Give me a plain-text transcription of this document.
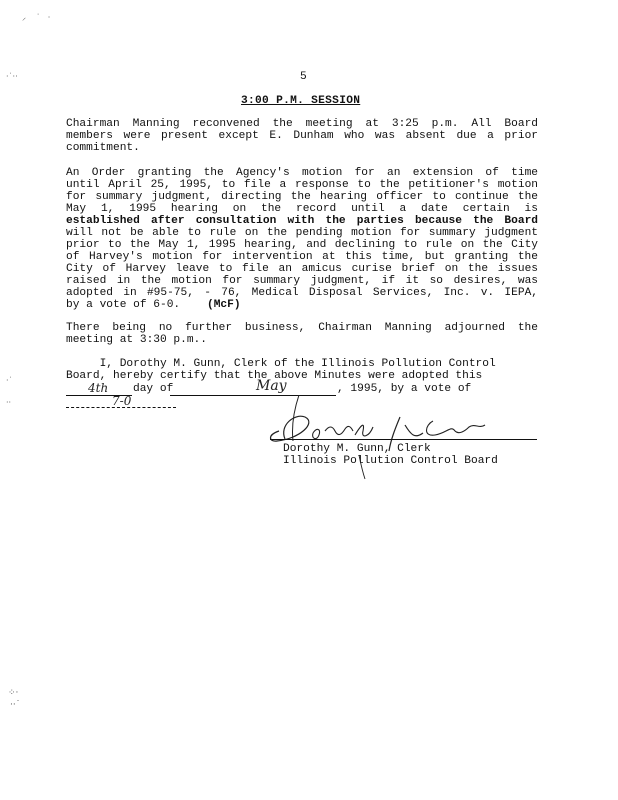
⸝    ˙   ·
·˙··
·˙
··
⁘·
··˙
5
3:00 P.M. SESSION
Chairman Manning reconvened the meeting at 3:25 p.m. All Board
members were present except E. Dunham who was absent due a prior
commitment.
An Order granting the Agency's motion for an extension of time
until April 25, 1995, to file a response to the petitioner's motion
for summary judgment, directing the hearing officer to continue the
May 1, 1995 hearing on the record until a date certain is
established after consultation with the parties because the Board
will not be able to rule on the pending motion for summary judgment
prior to the May 1, 1995 hearing, and declining to rule on the City
of Harvey's motion for intervention at this time, but granting the
City of Harvey leave to file an amicus curise brief on the issues
raised in the motion for summary judgment, if it so desires, was
adopted in #95-75, - 76, Medical Disposal Services, Inc. v. IEPA,
by a vote of 6-0. (McF)
There being no further business, Chairman Manning adjourned the
meeting at 3:30 p.m..
I, Dorothy M. Gunn, Clerk of the Illinois Pollution Control
Board, hereby certify that the above Minutes were adopted this
4th day of	May	, 1995, by a vote of
7-0
Dorothy M. Gunn, Clerk
Illinois Pollution Control Board
